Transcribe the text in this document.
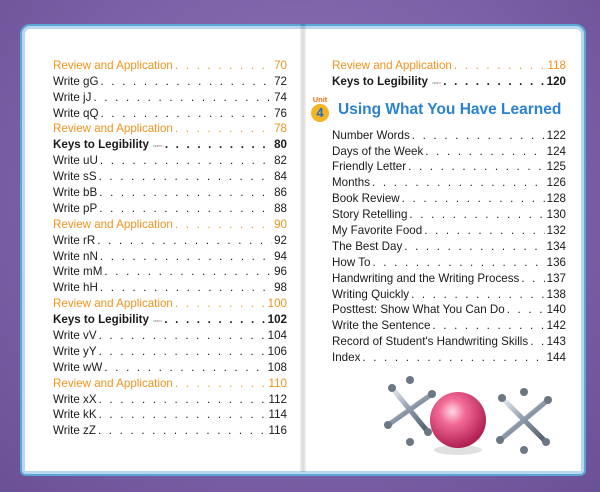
Review and Application . . .	70
Write gG . . .	72
Write jJ . . .	74
Write qQ . . .	76
Review and Application . . .	78
Keys to Legibility . . .	80
Write uU . . .	82
Write sS . . .	84
Write bB . . .	86
Write pP . . .	88
Review and Application . . .	90
Write rR . . .	92
Write nN . . .	94
Write mM . . .	96
Write hH . . .	98
Review and Application . . .	100
Keys to Legibility . . .	102
Write vV . . .	104
Write yY . . .	106
Write wW . . .	108
Review and Application . . .	110
Write xX . . .	112
Write kK . . .	114
Write zZ . . .	116
Review and Application . . .	118
Keys to Legibility . . .	120
Unit
4 Using What You Have Learned
Number Words . . .	122
Days of the Week . . .	124
Friendly Letter . . .	125
Months . . .	126
Book Review . . .	128
Story Retelling . . .	130
My Favorite Food . . .	132
The Best Day . . .	134
How To . . .	136
Handwriting and the Writing Process . . . 137
Writing Quickly . . .	138
Posttest: Show What You Can Do . . .	140
Write the Sentence . . .	142
Record of Student's Handwriting Skills . . . 143
Index . . .	144
